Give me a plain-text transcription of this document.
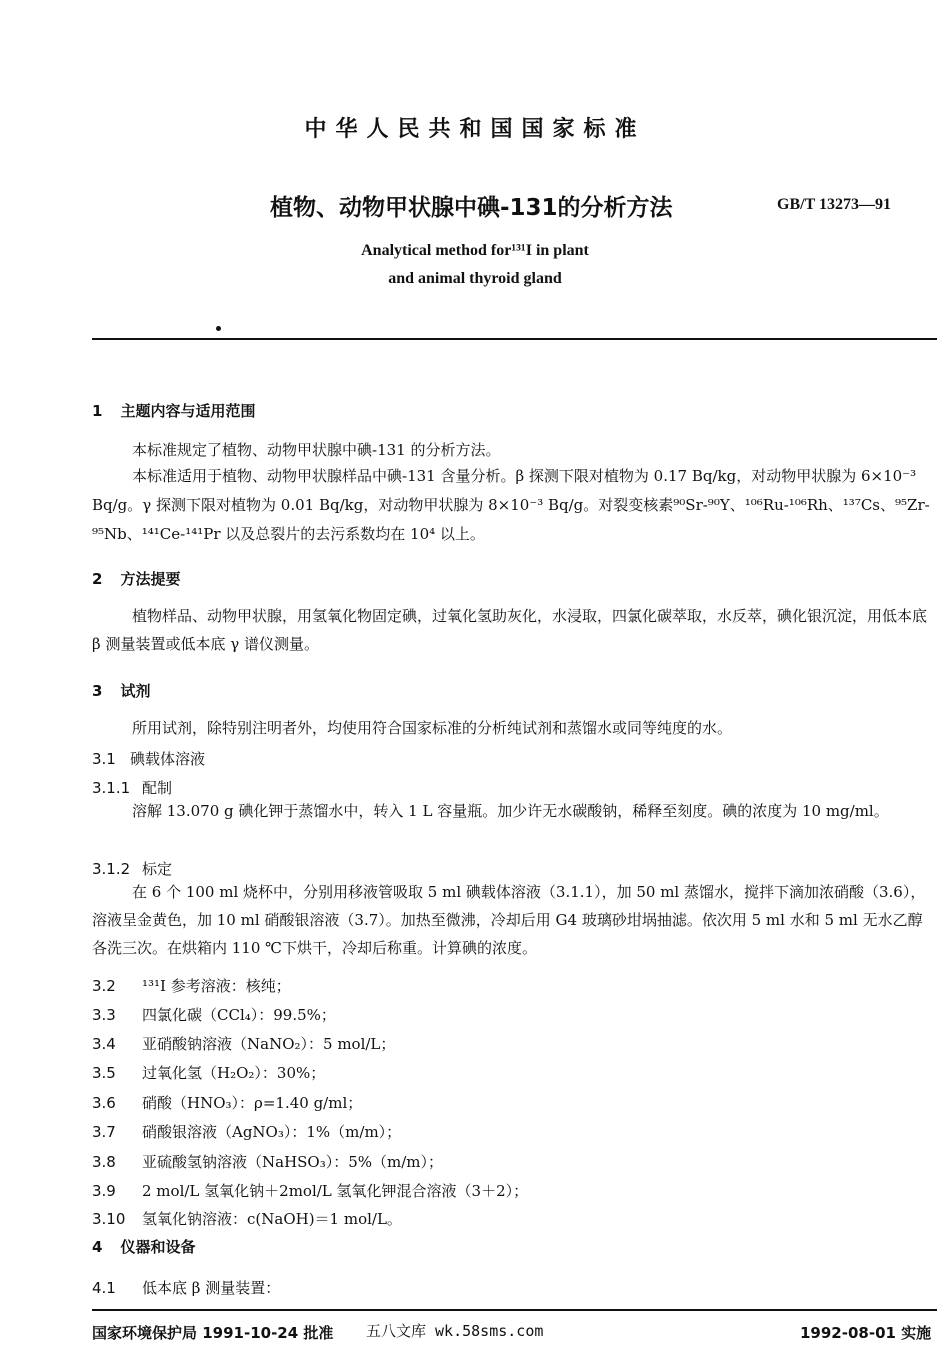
中华人民共和国国家标准
植物、动物甲状腺中碘-131的分析方法	GB/T 13273—91
Analytical method for¹³¹I in plant
and animal thyroid gland
1 主题内容与适用范围
本标准规定了植物、动物甲状腺中碘-131 的分析方法。
本标准适用于植物、动物甲状腺样品中碘-131 含量分析。β 探测下限对植物为 0.17 Bq/kg，对动物甲状腺为 6×10⁻³ Bq/g。γ 探测下限对植物为 0.01 Bq/kg，对动物甲状腺为 8×10⁻³ Bq/g。对裂变核素⁹⁰Sr-⁹⁰Y、¹⁰⁶Ru-¹⁰⁶Rh、¹³⁷Cs、⁹⁵Zr-⁹⁵Nb、¹⁴¹Ce-¹⁴¹Pr 以及总裂片的去污系数均在 10⁴ 以上。
2 方法提要
植物样品、动物甲状腺，用氢氧化物固定碘，过氧化氢助灰化，水浸取，四氯化碳萃取，水反萃，碘化银沉淀，用低本底 β 测量装置或低本底 γ 谱仪测量。
3 试剂
所用试剂，除特别注明者外，均使用符合国家标准的分析纯试剂和蒸馏水或同等纯度的水。
3.1 碘载体溶液
3.1.1 配制
溶解 13.070 g 碘化钾于蒸馏水中，转入 1 L 容量瓶。加少许无水碳酸钠，稀释至刻度。碘的浓度为 10 mg/ml。
3.1.2 标定
在 6 个 100 ml 烧杯中，分别用移液管吸取 5 ml 碘载体溶液（3.1.1），加 50 ml 蒸馏水，搅拌下滴加浓硝酸（3.6），溶液呈金黄色，加 10 ml 硝酸银溶液（3.7）。加热至微沸，冷却后用 G4 玻璃砂坩埚抽滤。依次用 5 ml 水和 5 ml 无水乙醇各洗三次。在烘箱内 110 ℃下烘干，冷却后称重。计算碘的浓度。
3.2 ¹³¹I 参考溶液：核纯；
3.3 四氯化碳（CCl₄）：99.5%；
3.4 亚硝酸钠溶液（NaNO₂）：5 mol/L；
3.5 过氧化氢（H₂O₂）：30%；
3.6 硝酸（HNO₃）：ρ=1.40 g/ml；
3.7 硝酸银溶液（AgNO₃）：1%（m/m）；
3.8 亚硫酸氢钠溶液（NaHSO₃）：5%（m/m）；
3.9 2 mol/L 氢氧化钠＋2mol/L 氢氧化钾混合溶液（3＋2）；
3.10 氢氧化钠溶液：c(NaOH)＝1 mol/L。
4 仪器和设备
4.1 低本底 β 测量装置：
国家环境保护局 1991-10-24 批准 五八文库 wk.58sms.com	1992-08-01 实施
